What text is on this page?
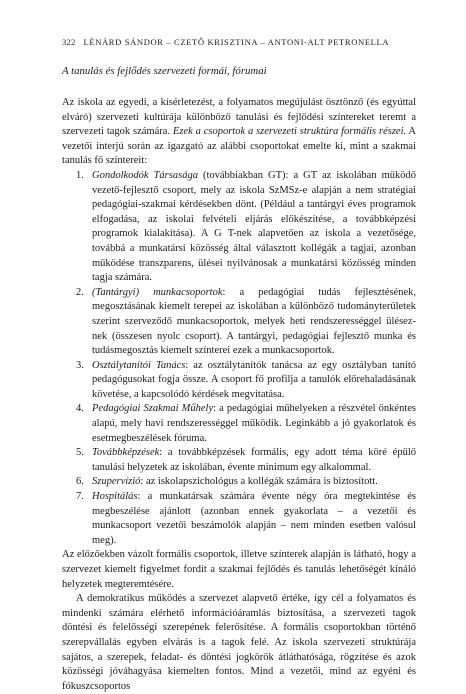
322 LÉNÁRD SÁNDOR – CZETŐ KRISZTINA – ANTONI-ALT PETRONELLA
A tanulás és fejlődés szervezeti formái, fórumai

Az iskola az egyedi, a kísérletezést, a folyamatos megújulást ösztönző (és egyúttal elváró) szervezeti kultúrája különböző tanulási és fejlődési színtereket teremt a szervezeti tagok számára. Ezek a csoportok a szervezeti struktúra formális részei. A vezetői interjú során az igazgató az alábbi csoportokat emelte ki, mint a szakmai tanulás fő színtereit:

1. Gondolkodók Társasága (továbbiakban GT): a GT az iskolában működő vezető-fejlesztő csoport, mely az iskola SzMSz-e alapján a nem stratégiai pedagógiai-szakmai kérdésekben dönt. (Például a tantárgyi éves programok elfogadása, az iskolai felvételi eljárás előkészítése, a továbbképzési programok kialakítása). A G T-nek alapvetően az iskola a vezetősége, továbbá a munkatársi közösség által választott kollégák a tagjai, azonban működése transzparens, ülései nyilvánosak a munkatársi közösség minden tagja számára.
2. (Tantárgyi) munkacsoportok: a pedagógiai tudás fejlesztésének, megosztásának kiemelt terepei az iskolában a különböző tudományterületek szerint szerveződő munkacsoportok, melyek heti rendszerességgel ülésez-nek (összesen nyolc csoport). A tantárgyi, pedagógiai fejlesztő munka és tudásmegosztás kiemelt színterei ezek a munkacsoportok.
3. Osztálytanítói Tanács: az osztálytanítók tanácsa az egy osztályban tanító pedagógusokat fogja össze. A csoport fő profilja a tanulók előrehaladásának követése, a kapcsolódó kérdések megvitatása.
4. Pedagógiai Szakmai Műhely: a pedagógiai műhelyeken a részvétel önkéntes alapú, mely havi rendszerességgel működik. Leginkább a jó gyakorlatok és esetmegbeszélések fóruma.
5. Továbbképzések: a továbbképzések formális, egy adott téma köré épülő tanulási helyzetek az iskolában, évente minimum egy alkalommal.
6. Szupervízió: az iskolapszichológus a kollégák számára is biztosított.
7. Hospitálás: a munkatársak számára évente négy óra megtekintése és megbeszélése ajánlott (azonban ennek gyakorlata – a vezetői és munkacsoport vezetői beszámolók alapján – nem minden esetben valósul meg).

Az előzőekben vázolt formális csoportok, illetve színterek alapján is látható, hogy a szervezet kiemelt figyelmet fordít a szakmai fejlődés és tanulás lehetőségét kínáló helyzetek megteremtésére.

A demokratikus működés a szervezet alapvető értéke, így cél a folyamatos és mindenki számára elérhető információáramlás biztosítása, a szervezeti tagok döntési és felelősségi szerepének felerősítése. A formális csoportokban történő szerepvállalás egyben elvárás is a tagok felé. Az iskola szervezeti struktúrája sajátos, a szerepek, feladat- és döntési jogkörök átláthatósága, rögzítése és azok közösségi jóváhagyása kiemelten fontos. Mind a vezetői, mind az egyéni és fókuszcsoportos
